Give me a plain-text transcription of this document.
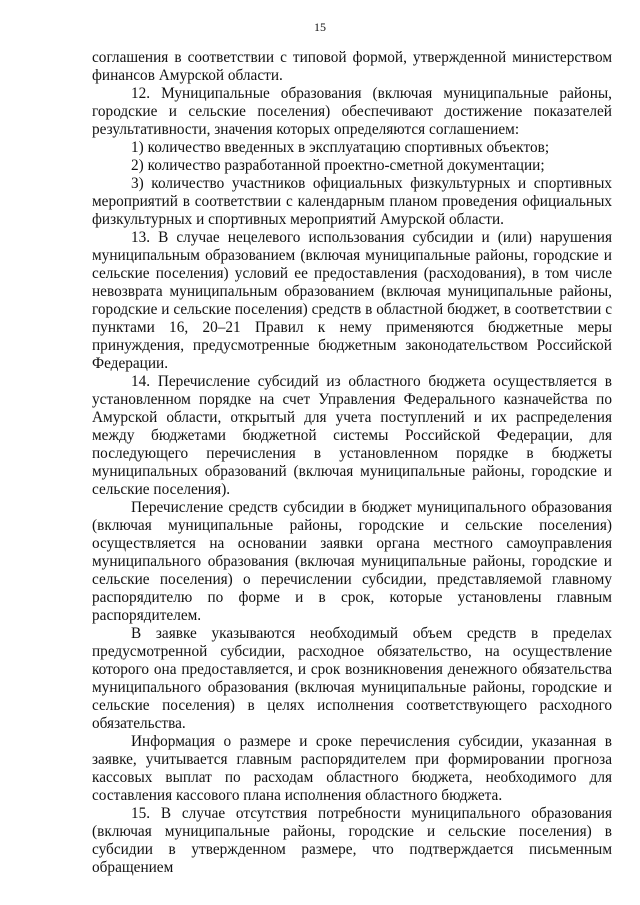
15

соглашения в соответствии с типовой формой, утвержденной министерством финансов Амурской области.

12. Муниципальные образования (включая муниципальные районы, городские и сельские поселения) обеспечивают достижение показателей результативности, значения которых определяются соглашением:

1) количество введенных в эксплуатацию спортивных объектов;

2) количество разработанной проектно-сметной документации;

3) количество участников официальных физкультурных и спортивных мероприятий в соответствии с календарным планом проведения официальных физкультурных и спортивных мероприятий Амурской области.

13. В случае нецелевого использования субсидии и (или) нарушения муниципальным образованием (включая муниципальные районы, городские и сельские поселения) условий ее предоставления (расходования), в том числе невозврата муниципальным образованием (включая муниципальные районы, городские и сельские поселения) средств в областной бюджет, в соответствии с пунктами 16, 20–21 Правил к нему применяются бюджетные меры принуждения, предусмотренные бюджетным законодательством Российской Федерации.

14. Перечисление субсидий из областного бюджета осуществляется в установленном порядке на счет Управления Федерального казначейства по Амурской области, открытый для учета поступлений и их распределения между бюджетами бюджетной системы Российской Федерации, для последующего перечисления в установленном порядке в бюджеты муниципальных образований (включая муниципальные районы, городские и сельские поселения).

Перечисление средств субсидии в бюджет муниципального образования (включая муниципальные районы, городские и сельские поселения) осуществляется на основании заявки органа местного самоуправления муниципального образования (включая муниципальные районы, городские и сельские поселения) о перечислении субсидии, представляемой главному распорядителю по форме и в срок, которые установлены главным распорядителем.

В заявке указываются необходимый объем средств в пределах предусмотренной субсидии, расходное обязательство, на осуществление которого она предоставляется, и срок возникновения денежного обязательства муниципального образования (включая муниципальные районы, городские и сельские поселения) в целях исполнения соответствующего расходного обязательства.

Информация о размере и сроке перечисления субсидии, указанная в заявке, учитывается главным распорядителем при формировании прогноза кассовых выплат по расходам областного бюджета, необходимого для составления кассового плана исполнения областного бюджета.

15. В случае отсутствия потребности муниципального образования (включая муниципальные районы, городские и сельские поселения) в субсидии в утвержденном размере, что подтверждается письменным обращением
